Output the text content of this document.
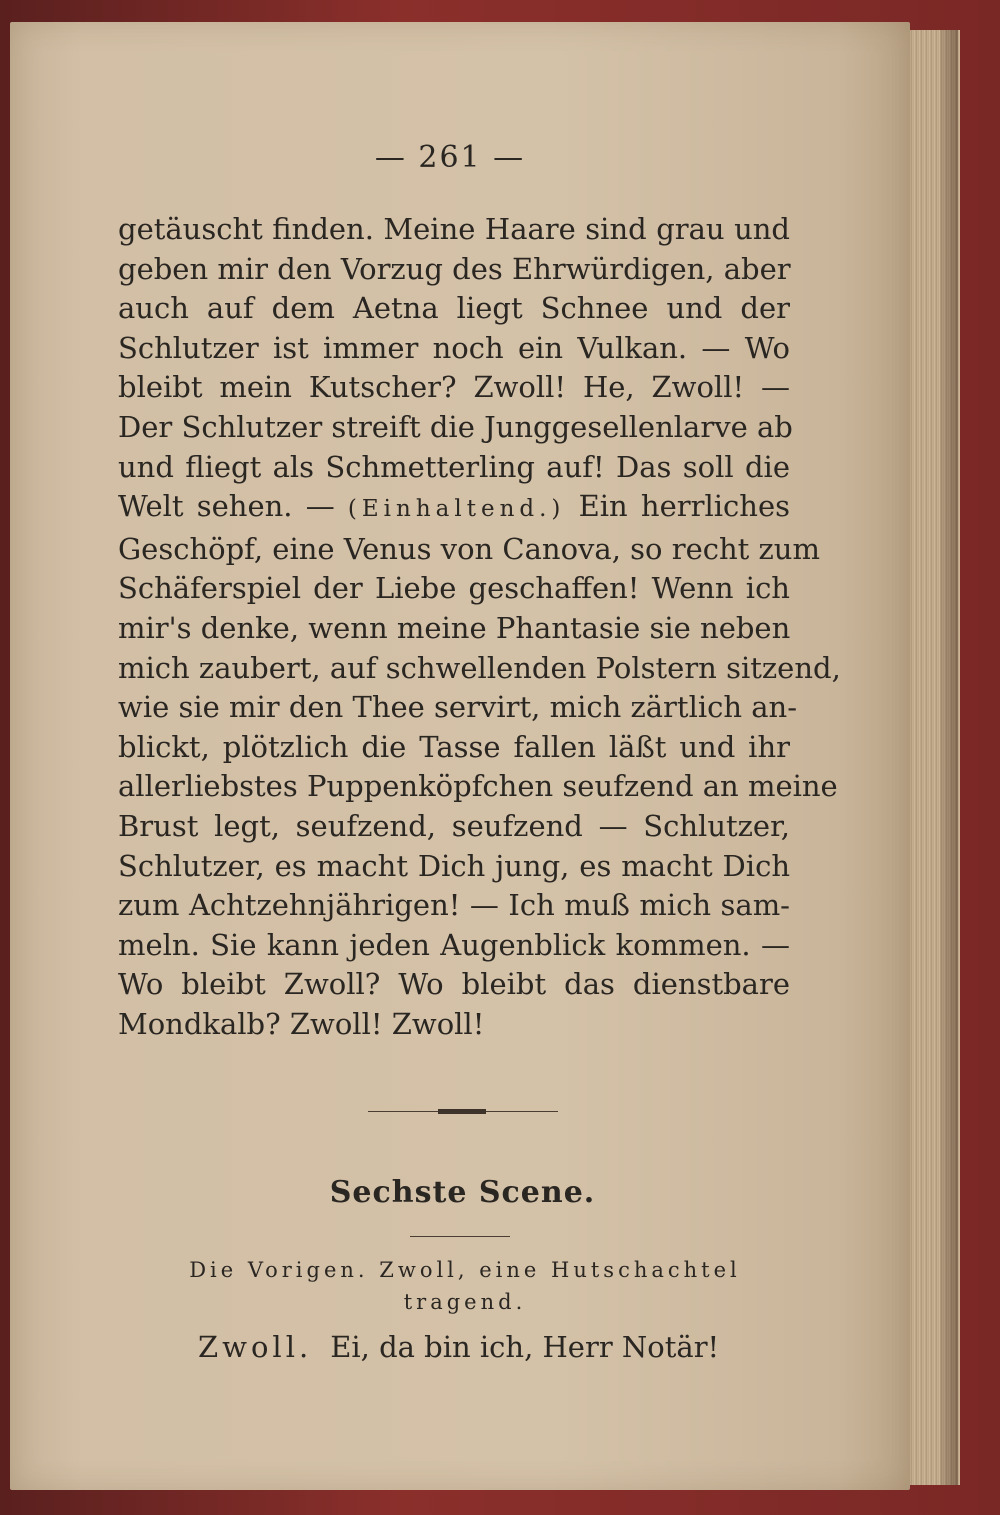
— 261 —
getäuscht finden. Meine Haare sind grau und
geben mir den Vorzug des Ehrwürdigen, aber
auch auf dem Aetna liegt Schnee und der
Schlutzer ist immer noch ein Vulkan. — Wo
bleibt mein Kutscher? Zwoll! He, Zwoll! —
Der Schlutzer streift die Junggesellenlarve ab
und fliegt als Schmetterling auf! Das soll die
Welt sehen. — (Einhaltend.) Ein herrliches
Geschöpf, eine Venus von Canova, so recht zum
Schäferspiel der Liebe geschaffen! Wenn ich
mir's denke, wenn meine Phantasie sie neben
mich zaubert, auf schwellenden Polstern sitzend,
wie sie mir den Thee servirt, mich zärtlich an-
blickt, plötzlich die Tasse fallen läßt und ihr
allerliebstes Puppenköpfchen seufzend an meine
Brust legt, seufzend, seufzend — Schlutzer,
Schlutzer, es macht Dich jung, es macht Dich
zum Achtzehnjährigen! — Ich muß mich sam-
meln. Sie kann jeden Augenblick kommen. —
Wo bleibt Zwoll? Wo bleibt das dienstbare
Mondkalb? Zwoll! Zwoll!
Sechste Scene.
Die Vorigen. Zwoll, eine Hutschachtel tragend.
Zwoll. Ei, da bin ich, Herr Notär!
